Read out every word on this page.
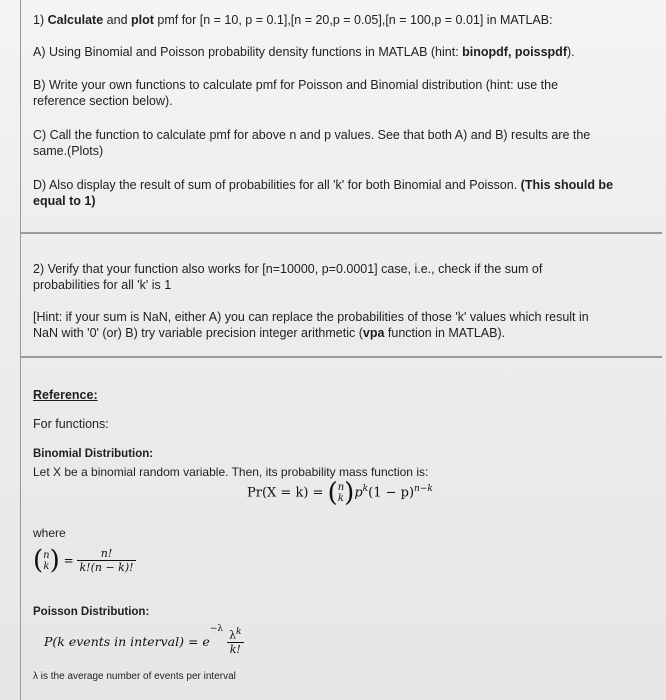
1) Calculate and plot pmf for [n = 10, p = 0.1],[n = 20,p = 0.05],[n = 100,p = 0.01] in MATLAB:
A) Using Binomial and Poisson probability density functions in MATLAB (hint: binopdf, poisspdf).
B) Write your own functions to calculate pmf for Poisson and Binomial distribution (hint: use the
reference section below).
C) Call the function to calculate pmf for above n and p values. See that both A) and B) results are the
same.(Plots)
D) Also display the result of sum of probabilities for all 'k' for both Binomial and Poisson. (This should be
equal to 1)
2) Verify that your function also works for [n=10000, p=0.0001] case, i.e., check if the sum of
probabilities for all 'k' is 1
[Hint: if your sum is NaN, either A) you can replace the probabilities of those 'k' values which result in
NaN with '0' (or) B) try variable precision integer arithmetic (vpa function in MATLAB).
Reference:
For functions:
Binomial Distribution:
Let X be a binomial random variable. Then, its probability mass function is:
Pr(X = k) = (n
$k)p^k(1 - p)^{n-k}$
where
(n
$k) = \frac{n!}{k!(n - k)!}$
Poisson Distribution:
P(k events in interval) = $e^{-\lambda} \frac{\lambda^k}{k!}$
λ is the average number of events per interval
